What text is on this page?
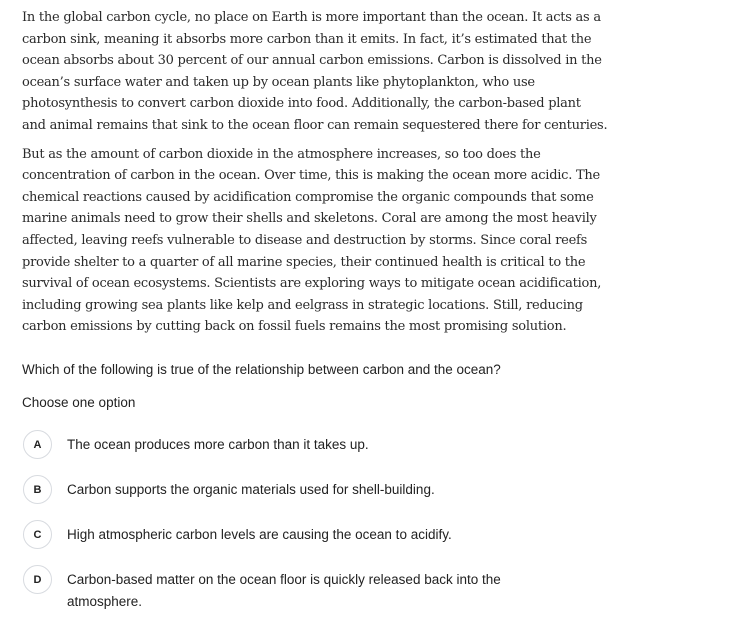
In the global carbon cycle, no place on Earth is more important than the ocean. It acts as a
carbon sink, meaning it absorbs more carbon than it emits. In fact, it’s estimated that the
ocean absorbs about 30 percent of our annual carbon emissions. Carbon is dissolved in the
ocean’s surface water and taken up by ocean plants like phytoplankton, who use
photosynthesis to convert carbon dioxide into food. Additionally, the carbon-based plant
and animal remains that sink to the ocean floor can remain sequestered there for centuries.

But as the amount of carbon dioxide in the atmosphere increases, so too does the
concentration of carbon in the ocean. Over time, this is making the ocean more acidic. The
chemical reactions caused by acidification compromise the organic compounds that some
marine animals need to grow their shells and skeletons. Coral are among the most heavily
affected, leaving reefs vulnerable to disease and destruction by storms. Since coral reefs
provide shelter to a quarter of all marine species, their continued health is critical to the
survival of ocean ecosystems. Scientists are exploring ways to mitigate ocean acidification,
including growing sea plants like kelp and eelgrass in strategic locations. Still, reducing
carbon emissions by cutting back on fossil fuels remains the most promising solution.

Which of the following is true of the relationship between carbon and the ocean?
Choose one option
A	The ocean produces more carbon than it takes up.
B	Carbon supports the organic materials used for shell-building.
C	High atmospheric carbon levels are causing the ocean to acidify.
D	Carbon-based matter on the ocean floor is quickly released back into the atmosphere.
